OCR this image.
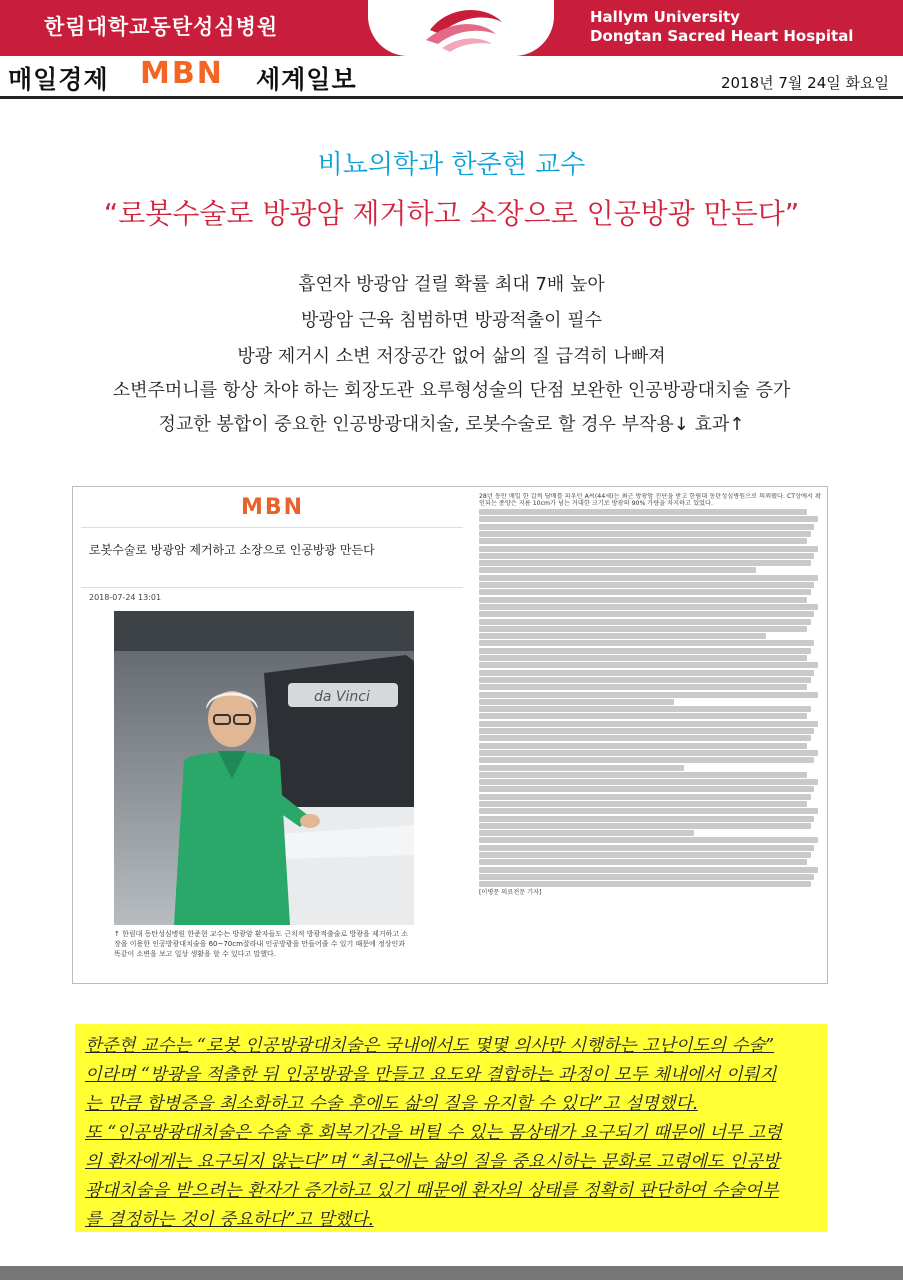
한림대학교동탄성심병원	Hallym University
Dongtan Sacred Heart Hospital
매일경제 MBN 세계일보	2018년 7월 24일 화요일
비뇨의학과 한준현 교수
“로봇수술로 방광암 제거하고 소장으로 인공방광 만든다”
흡연자 방광암 걸릴 확률 최대 7배 높아
방광암 근육 침범하면 방광적출이 필수
방광 제거시 소변 저장공간 없어 삶의 질 급격히 나빠져
소변주머니를 항상 차야 하는 회장도관 요루형성술의 단점 보완한 인공방광대치술 증가
정교한 봉합이 중요한 인공방광대치술, 로봇수술로 할 경우 부작용↓ 효과↑
MBN
로봇수술로 방광암 제거하고 소장으로 인공방광 만든다
2018-07-24 13:01
da Vinci
↑ 한림대 동탄성심병원 한준현 교수는 방광암 환자들도 근치적 방광적출술로 방광을 제거하고 소장을 이용한 인공방광대치술을 60~70cm잘라내 인공방광을 만들어줄 수 있기 때문에 정상인과 똑같이 소변을 보고 일상 생활을 할 수 있다고 말했다.
28년 동안 매일 한 갑씩 담배를 피우던 A씨(44세)는 최근 방광암 진단을 받고 한림대 동탄성심병원으로 의뢰됐다. CT상에서 확인되는 종양은 지름 10cm가 넘는 거대한 크기로 방광의 90% 가량을 차지하고 있었다.
[이병문 의료전문 기자]

한준현 교수는 “로봇 인공방광대치술은 국내에서도 몇몇 의사만 시행하는 고난이도의 수술”

이라며 “방광을 적출한 뒤 인공방광을 만들고 요도와 결합하는 과정이 모두 체내에서 이뤄지

는 만큼 합병증을 최소화하고 수술 후에도 삶의 질을 유지할 수 있다”고 설명했다.

또 “인공방광대치술은 수술 후 회복기간을 버틸 수 있는 몸상태가 요구되기 때문에 너무 고령

의 환자에게는 요구되지 않는다”며 “최근에는 삶의 질을 중요시하는 문화로 고령에도 인공방

광대치술을 받으려는 환자가 증가하고 있기 때문에 환자의 상태를 정확히 판단하여 수술여부

를 결정하는 것이 중요하다”고 말했다.
